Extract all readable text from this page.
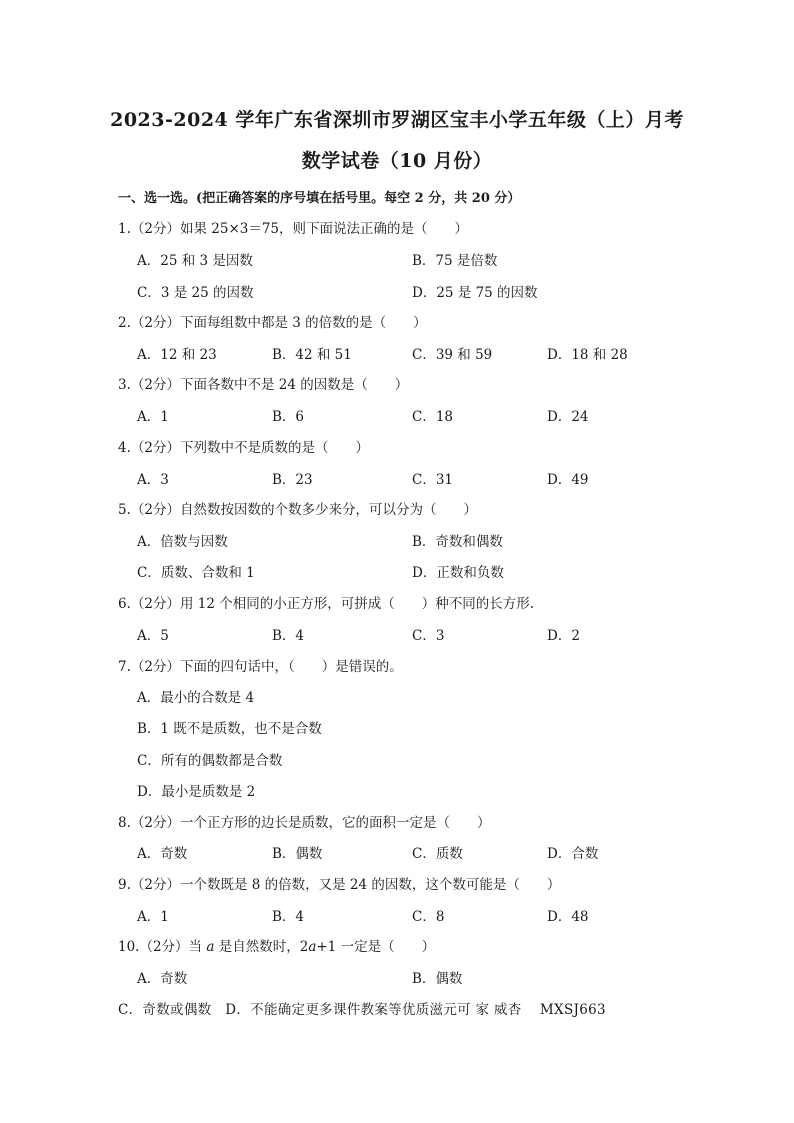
2023-2024 学年广东省深圳市罗湖区宝丰小学五年级（上）月考
数学试卷（10 月份）
一、选一选。(把正确答案的序号填在括号里。每空 2 分，共 20 分）
1.（2分）如果 25×3＝75，则下面说法正确的是（　　）
A．25 和 3 是因数	B．75 是倍数
C．3 是 25 的因数	D．25 是 75 的因数
2.（2分）下面每组数中都是 3 的倍数的是（　　）
A．12 和 23	B．42 和 51	C．39 和 59	D．18 和 28
3.（2分）下面各数中不是 24 的因数是（　　）
A．1	B．6	C．18	D．24
4.（2分）下列数中不是质数的是（　　）
A．3	B．23	C．31	D．49
5.（2分）自然数按因数的个数多少来分，可以分为（　　）
A．倍数与因数	B．奇数和偶数
C．质数、合数和 1	D．正数和负数
6.（2分）用 12 个相同的小正方形，可拼成（　　）种不同的长方形.
A．5	B．4	C．3	D．2
7.（2分）下面的四句话中，（　　）是错误的。
A．最小的合数是 4
B．1 既不是质数，也不是合数
C．所有的偶数都是合数
D．最小是质数是 2
8.（2分）一个正方形的边长是质数，它的面积一定是（　　）
A．奇数	B．偶数	C．质数	D．合数
9.（2分）一个数既是 8 的倍数，又是 24 的因数，这个数可能是（　　）
A．1	B．4	C．8	D．48
10.（2分）当 a 是自然数时，2a+1 一定是（　　）
A．奇数	B．偶数
C．奇数或偶数　D．不能确定更多课件教案等优质滋元可 家 威杏　 MXSJ663
